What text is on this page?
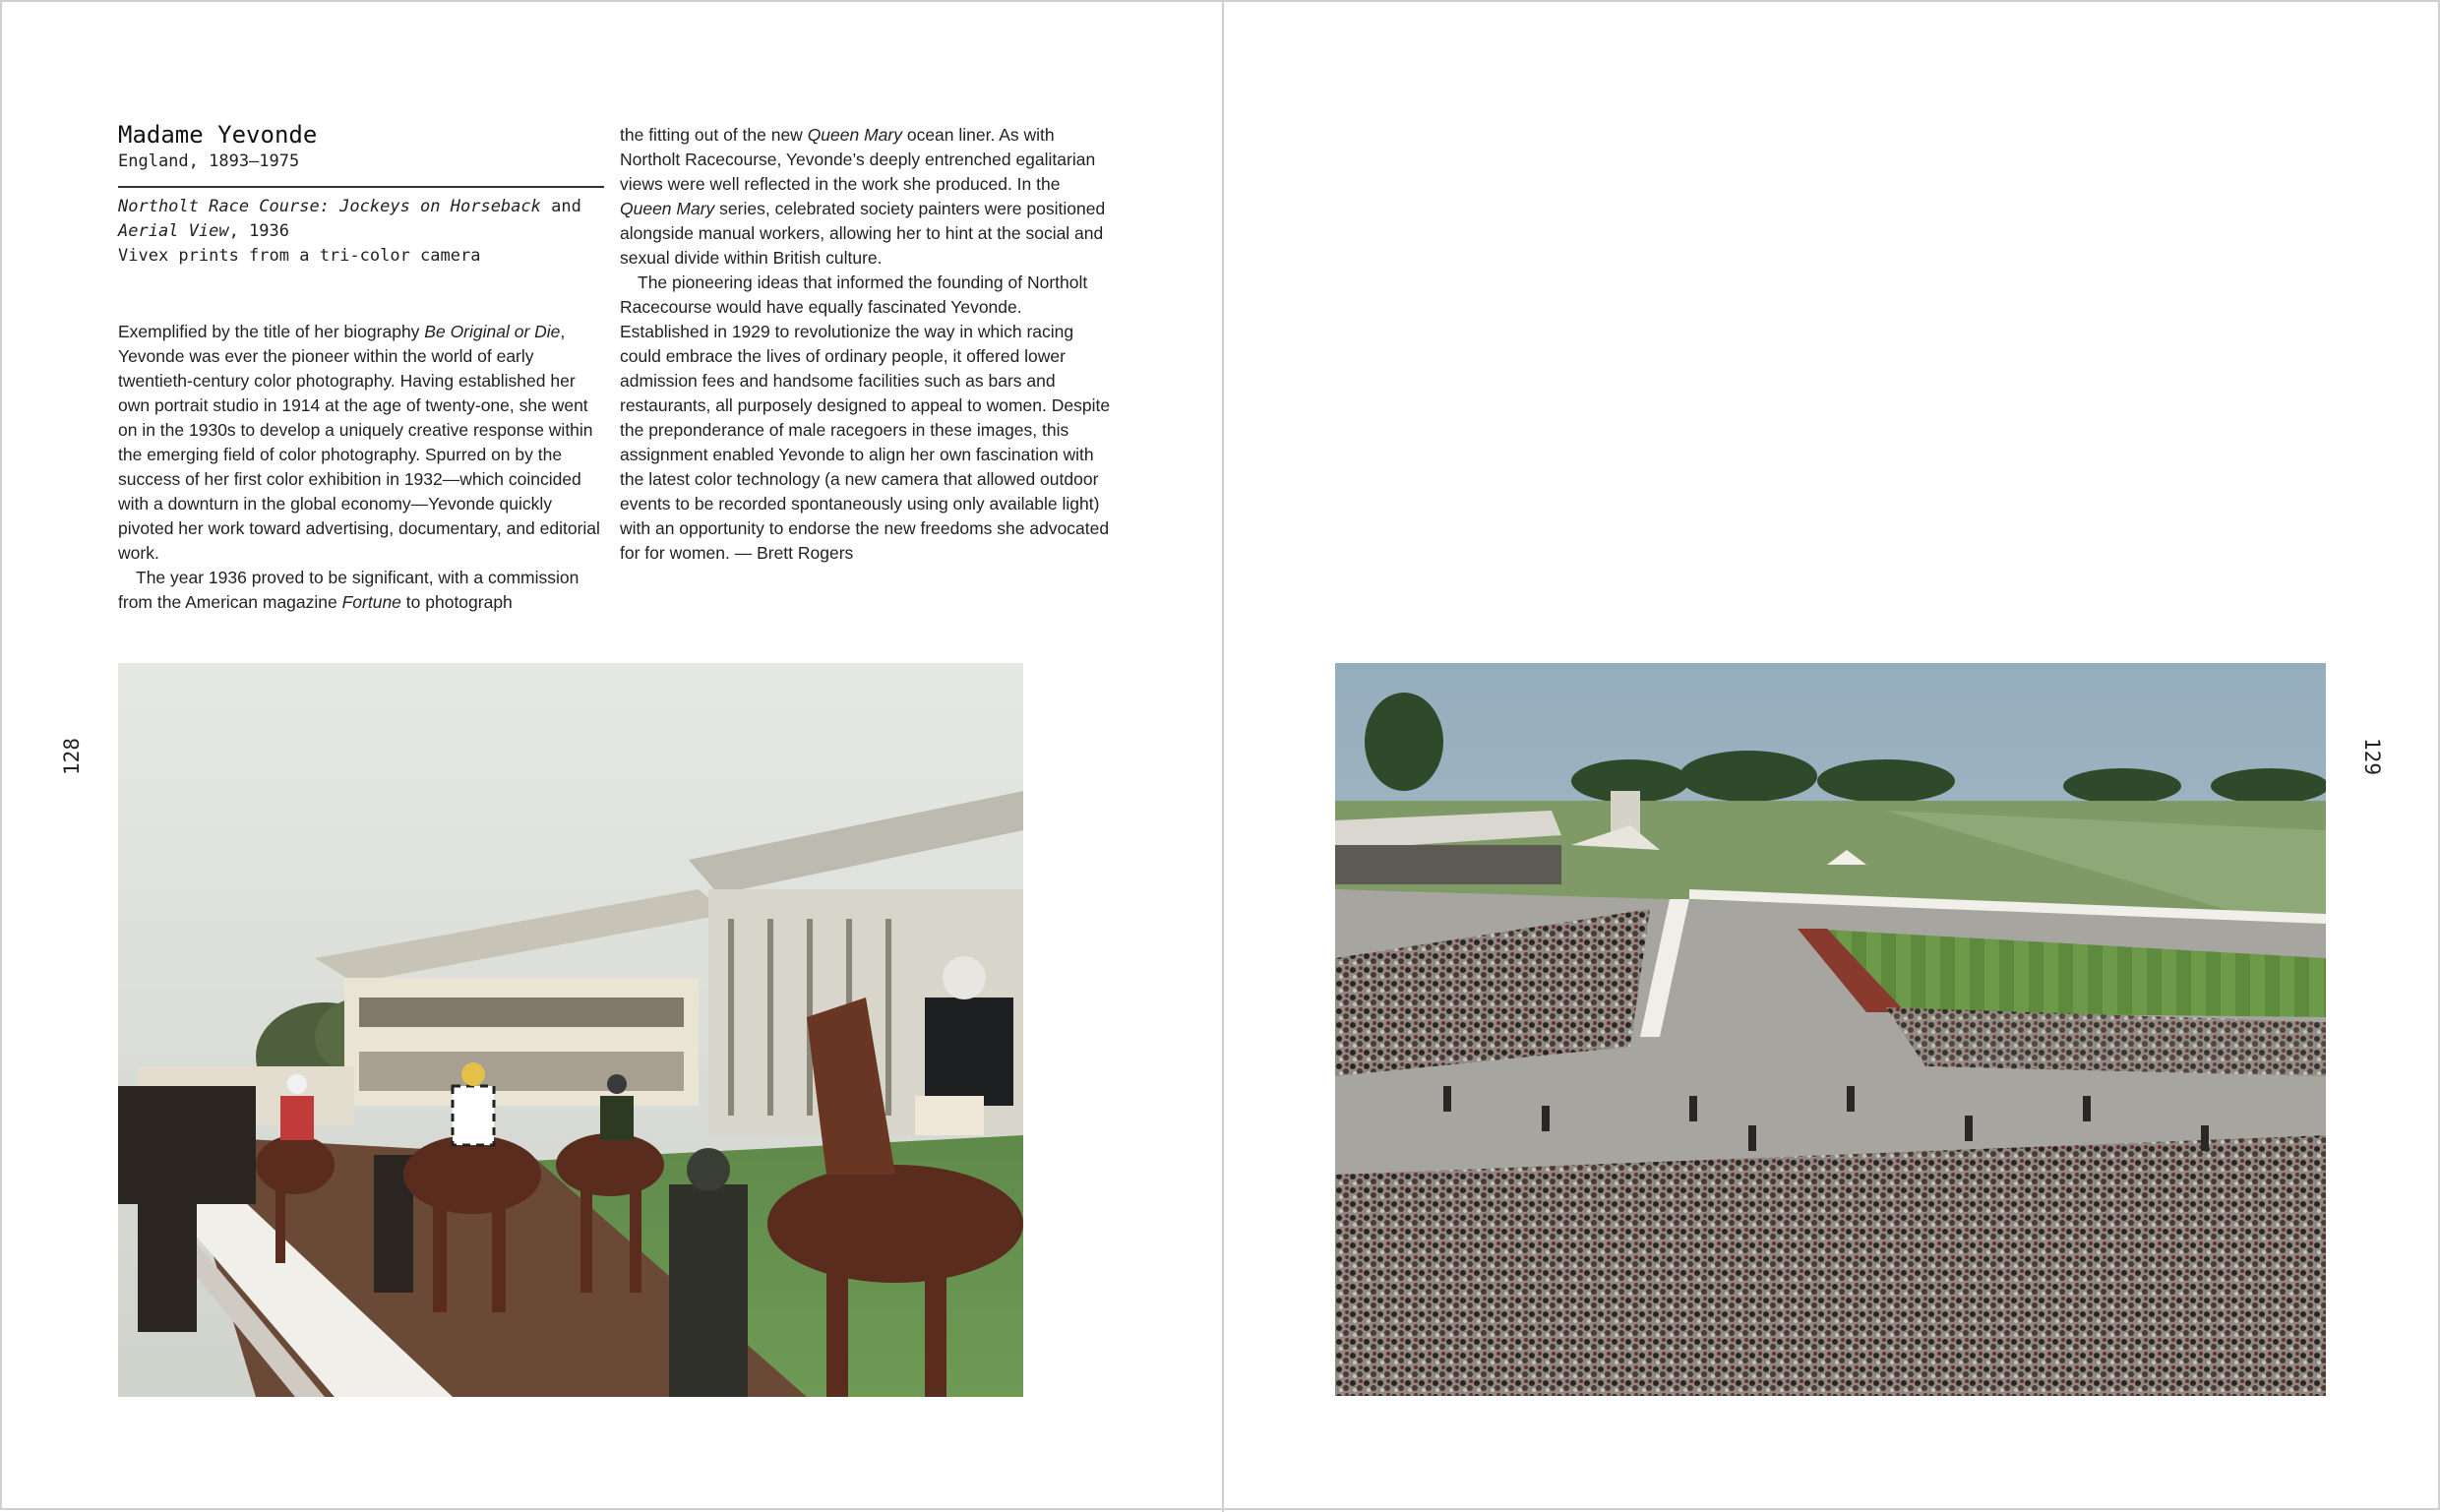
Madame Yevonde

England, 1893–1975

Northolt Race Course: Jockeys on Horseback and
Aerial View, 1936
Vivex prints from a tri-color camera

Exemplified by the title of her biography Be Original or Die, Yevonde was ever the pioneer within the world of early twentieth-century color photography. Having established her own portrait studio in 1914 at the age of twenty-one, she went on in the 1930s to develop a uniquely creative response within the emerging field of color photography. Spurred on by the success of her first color exhibition in 1932—which coincided with a downturn in the global economy—Yevonde quickly pivoted her work toward advertising, documentary, and editorial work.

The year 1936 proved to be significant, with a commission from the American magazine Fortune to photograph

the fitting out of the new Queen Mary ocean liner. As with Northolt Racecourse, Yevonde’s deeply entrenched egalitarian views were well reflected in the work she produced. In the Queen Mary series, celebrated society painters were positioned alongside manual workers, allowing her to hint at the social and sexual divide within British culture.

The pioneering ideas that informed the founding of Northolt Racecourse would have equally fascinated Yevonde. Established in 1929 to revolutionize the way in which racing could embrace the lives of ordinary people, it offered lower admission fees and handsome facilities such as bars and restaurants, all purposely designed to appeal to women. Despite the preponderance of male racegoers in these images, this assignment enabled Yevonde to align her own fascination with the latest color technology (a new camera that allowed outdoor events to be recorded spontaneously using only available light) with an opportunity to endorse the new freedoms she advocated for for women. — Brett Rogers

128	129
